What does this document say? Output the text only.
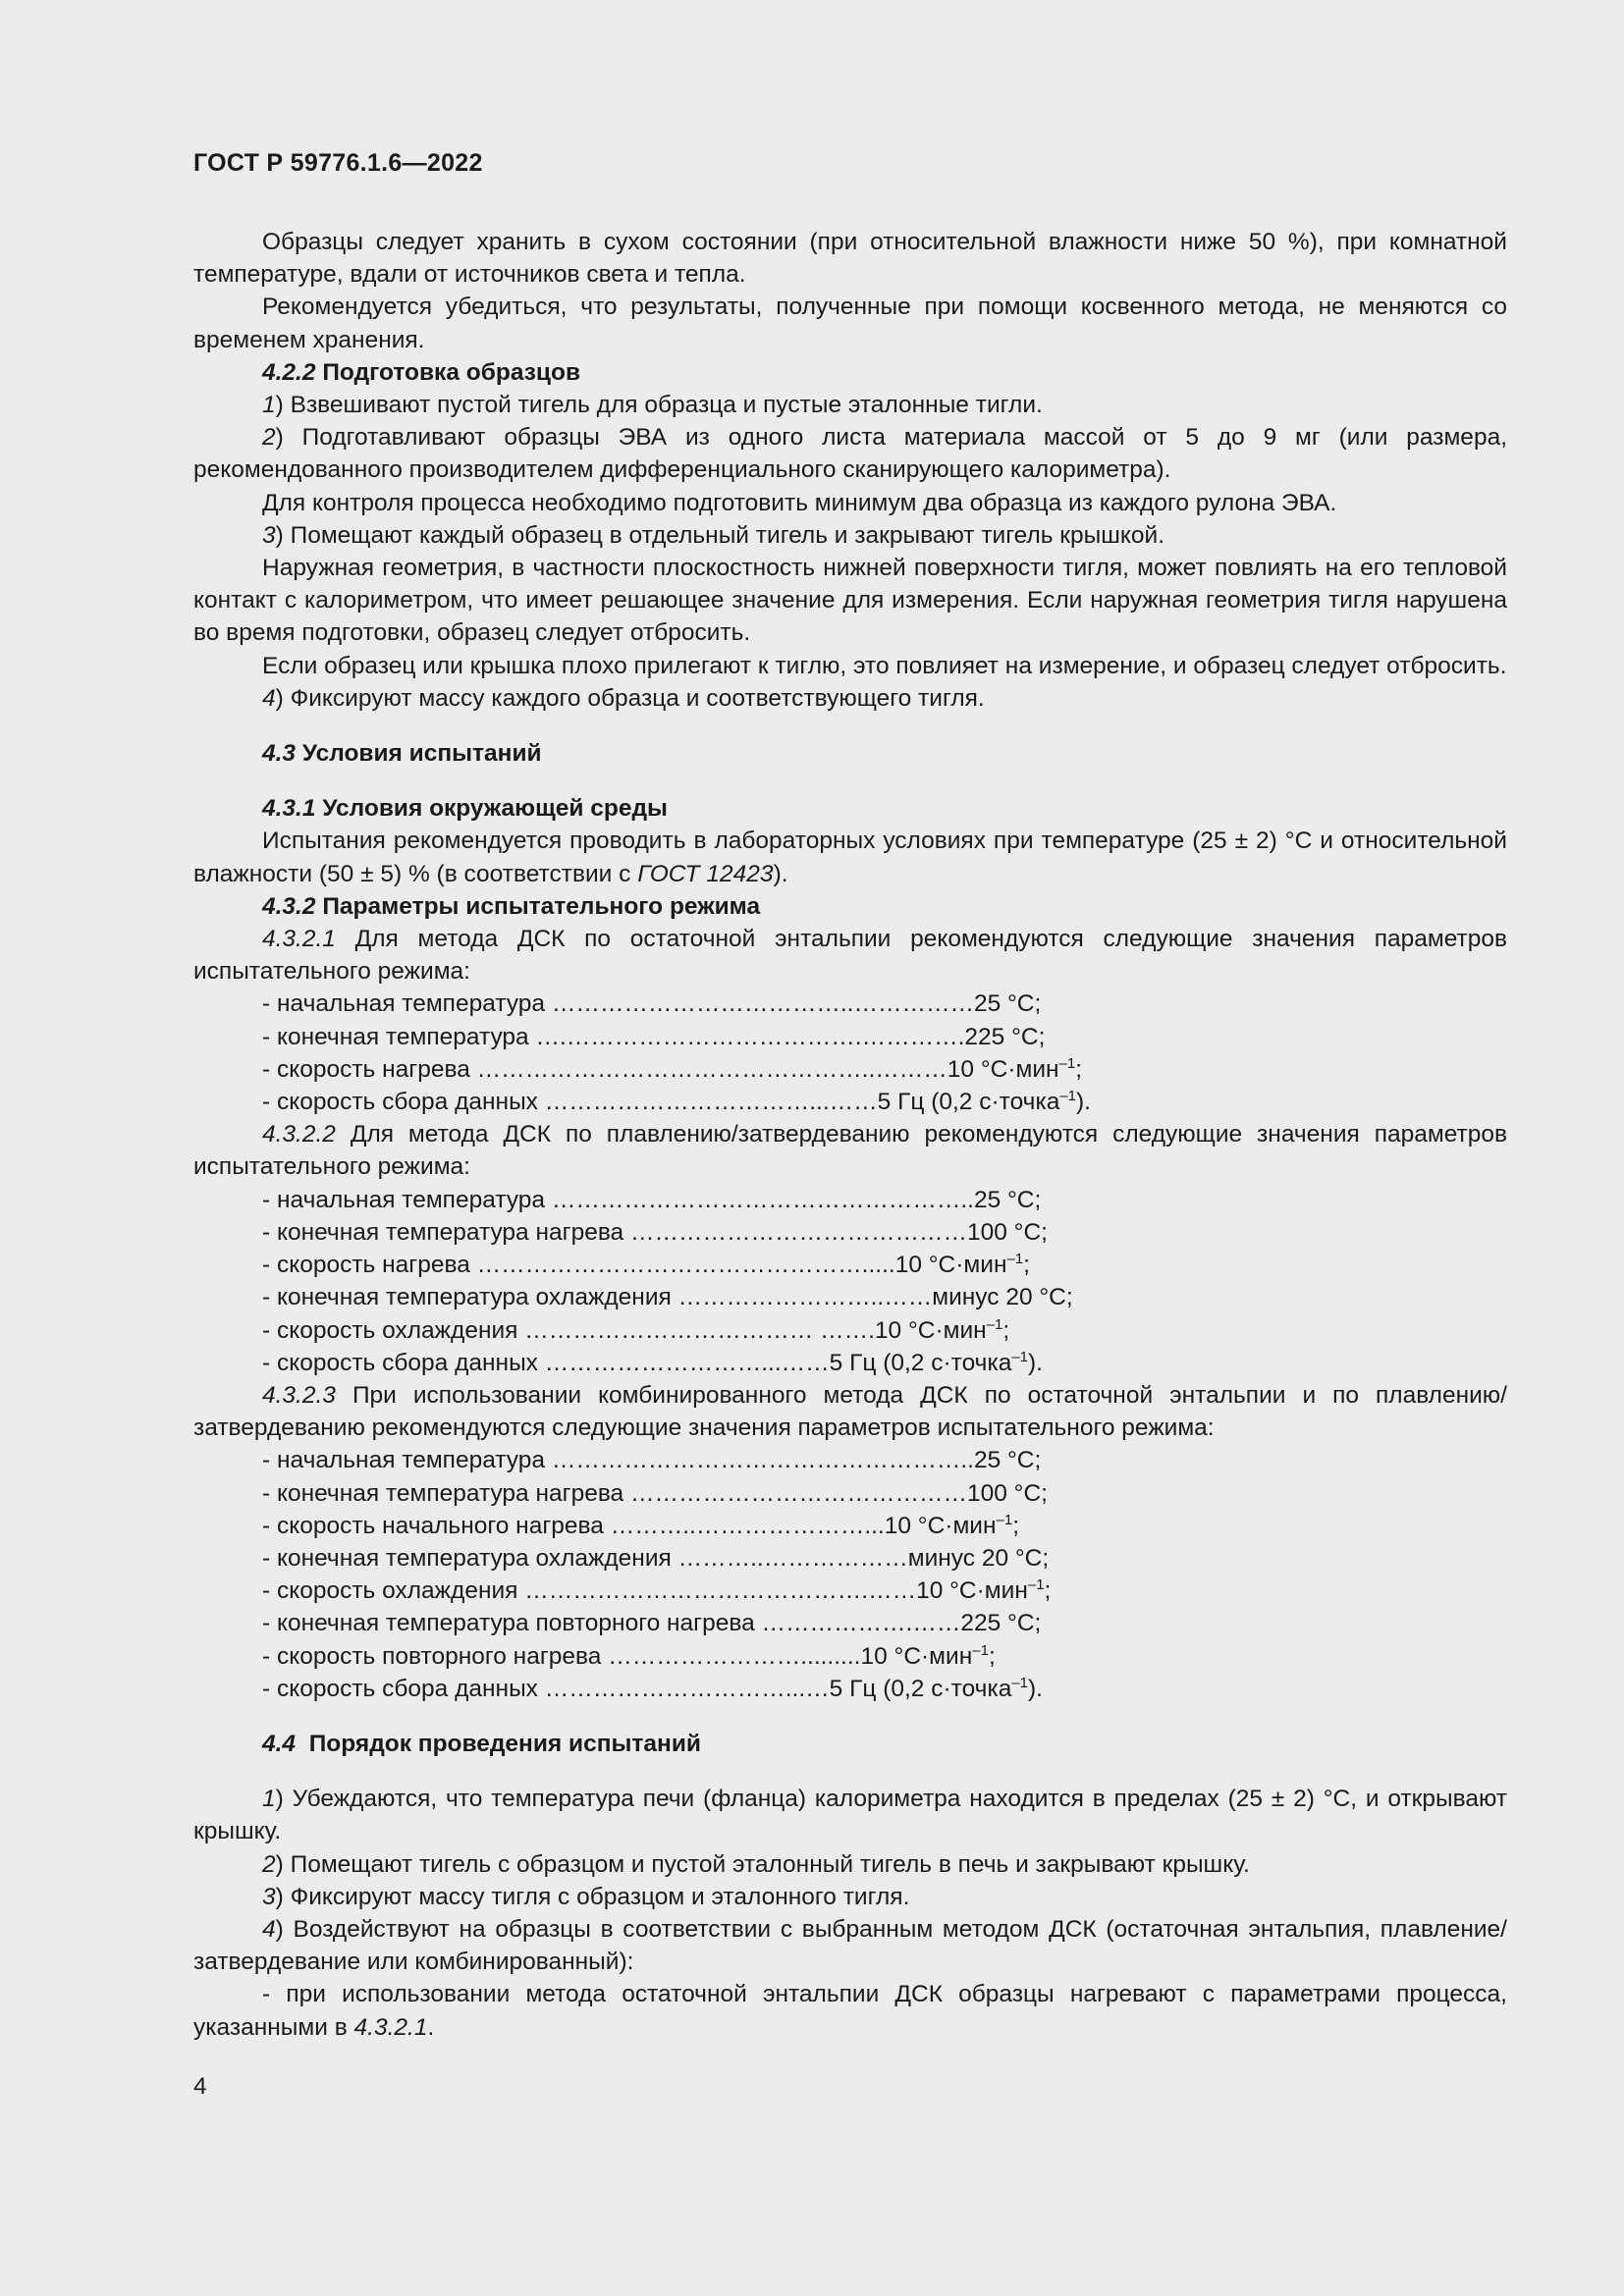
ГОСТ Р 59776.1.6—2022

Образцы следует хранить в сухом состоянии (при относительной влажности ниже 50 %), при комнатной температуре, вдали от источников света и тепла.

Рекомендуется убедиться, что результаты, полученные при помощи косвенного метода, не меняются со временем хранения.

4.2.2 Подготовка образцов

1) Взвешивают пустой тигель для образца и пустые эталонные тигли.

2) Подготавливают образцы ЭВА из одного листа материала массой от 5 до 9 мг (или размера, рекомендованного производителем дифференциального сканирующего калориметра).

Для контроля процесса необходимо подготовить минимум два образца из каждого рулона ЭВА.

3) Помещают каждый образец в отдельный тигель и закрывают тигель крышкой.

Наружная геометрия, в частности плоскостность нижней поверхности тигля, может повлиять на его тепловой контакт с калориметром, что имеет решающее значение для измерения. Если наружная геометрия тигля нарушена во время подготовки, образец следует отбросить.

Если образец или крышка плохо прилегают к тиглю, это повлияет на измерение, и образец следует отбросить.

4) Фиксируют массу каждого образца и соответствующего тигля.

4.3 Условия испытаний

4.3.1 Условия окружающей среды

Испытания рекомендуется проводить в лабораторных условиях при температуре (25 ± 2) °C и относительной влажности (50 ± 5) % (в соответствии с ГОСТ 12423).

4.3.2 Параметры испытательного режима

4.3.2.1 Для метода ДСК по остаточной энтальпии рекомендуются следующие значения параметров испытательного режима:

- начальная температура ………………………………..……………25 °C;
- конечная температура ….……………………………….………….225 °C;
- скорость нагрева …………………………………………..………10 °C·мин$^{-1}$;
- скорость сбора данных ……………………………...……5 Гц (0,2 с·точка$^{-1}$).

4.3.2.2 Для метода ДСК по плавлению/затвердеванию рекомендуются следующие значения параметров испытательного режима:

- начальная температура ……………………………………………..25 °C;
- конечная температура нагрева ……………………………………100 °C;
- скорость нагрева ………………………………………….....10 °C·мин$^{-1}$;
- конечная температура охлаждения ……………………..……минус 20 °C;
- скорость охлаждения ……………………………… …….10 °C·мин$^{-1}$;
- скорость сбора данных ………………………...……5 Гц (0,2 с·точка$^{-1}$).

4.3.2.3 При использовании комбинированного метода ДСК по остаточной энтальпии и по плавлению/затвердеванию рекомендуются следующие значения параметров испытательного режима:

- начальная температура ……………………………………………..25 °C;
- конечная температура нагрева ……………………………………100 °C;
- скорость начального нагрева ………..…………………...10 °C·мин$^{-1}$;
- конечная температура охлаждения ………..………………минус 20 °C;
- скорость охлаждения …………………………………….……10 °C·мин$^{-1}$;
- конечная температура повторного нагрева ……………….……225 °C;
- скорость повторного нагрева …………………….........10 °C·мин$^{-1}$;
- скорость сбора данных …………………………...…5 Гц (0,2 с·точка$^{-1}$).

4.4 Порядок проведения испытаний

1) Убеждаются, что температура печи (фланца) калориметра находится в пределах (25 ± 2) °C, и открывают крышку.

2) Помещают тигель с образцом и пустой эталонный тигель в печь и закрывают крышку.

3) Фиксируют массу тигля с образцом и эталонного тигля.

4) Воздействуют на образцы в соответствии с выбранным методом ДСК (остаточная энтальпия, плавление/затвердевание или комбинированный):

- при использовании метода остаточной энтальпии ДСК образцы нагревают с параметрами процесса, указанными в 4.3.2.1.

4
